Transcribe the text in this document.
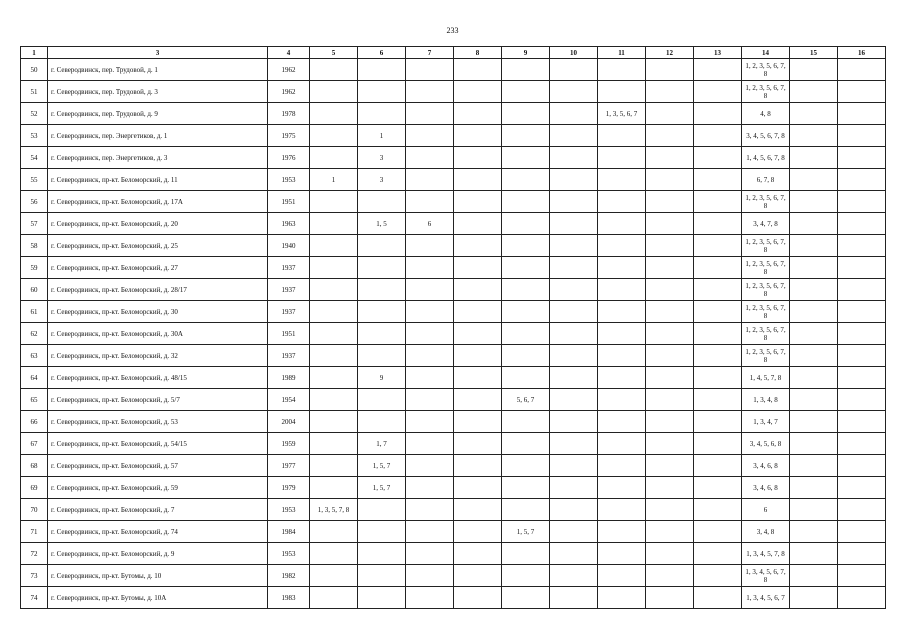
233
1	3	4	5	6	7	8	9	10	11	12	13	14	15	16
50	г. Северодвинск, пер. Трудовой, д. 1	1962										1, 2, 3, 5, 6, 7, 8		
51	г. Северодвинск, пер. Трудовой, д. 3	1962										1, 2, 3, 5, 6, 7, 8		
52	г. Северодвинск, пер. Трудовой, д. 9	1978							1, 3, 5, 6, 7			4, 8		
53	г. Северодвинск, пер. Энергетиков, д. 1	1975		1								3, 4, 5, 6, 7, 8		
54	г. Северодвинск, пер. Энергетиков, д. 3	1976		3								1, 4, 5, 6, 7, 8		
55	г. Северодвинск, пр-кт. Беломорский, д. 11	1953	1	3								6, 7, 8		
56	г. Северодвинск, пр-кт. Беломорский, д. 17А	1951										1, 2, 3, 5, 6, 7, 8		
57	г. Северодвинск, пр-кт. Беломорский, д. 20	1963		1, 5	6							3, 4, 7, 8		
58	г. Северодвинск, пр-кт. Беломорский, д. 25	1940										1, 2, 3, 5, 6, 7, 8		
59	г. Северодвинск, пр-кт. Беломорский, д. 27	1937										1, 2, 3, 5, 6, 7, 8		
60	г. Северодвинск, пр-кт. Беломорский, д. 28/17	1937										1, 2, 3, 5, 6, 7, 8		
61	г. Северодвинск, пр-кт. Беломорский, д. 30	1937										1, 2, 3, 5, 6, 7, 8		
62	г. Северодвинск, пр-кт. Беломорский, д. 30А	1951										1, 2, 3, 5, 6, 7, 8		
63	г. Северодвинск, пр-кт. Беломорский, д. 32	1937										1, 2, 3, 5, 6, 7, 8		
64	г. Северодвинск, пр-кт. Беломорский, д. 48/15	1989		9								1, 4, 5, 7, 8		
65	г. Северодвинск, пр-кт. Беломорский, д. 5/7	1954					5, 6, 7					1, 3, 4, 8		
66	г. Северодвинск, пр-кт. Беломорский, д. 53	2004										1, 3, 4, 7		
67	г. Северодвинск, пр-кт. Беломорский, д. 54/15	1959		1, 7								3, 4, 5, 6, 8		
68	г. Северодвинск, пр-кт. Беломорский, д. 57	1977		1, 5, 7								3, 4, 6, 8		
69	г. Северодвинск, пр-кт. Беломорский, д. 59	1979		1, 5, 7								3, 4, 6, 8		
70	г. Северодвинск, пр-кт. Беломорский, д. 7	1953	1, 3, 5, 7, 8									6		
71	г. Северодвинск, пр-кт. Беломорский, д. 74	1984					1, 5, 7					3, 4, 8		
72	г. Северодвинск, пр-кт. Беломорский, д. 9	1953										1, 3, 4, 5, 7, 8		
73	г. Северодвинск, пр-кт. Бутомы, д. 10	1982										1, 3, 4, 5, 6, 7, 8		
74	г. Северодвинск, пр-кт. Бутомы, д. 10А	1983										1, 3, 4, 5, 6, 7		
